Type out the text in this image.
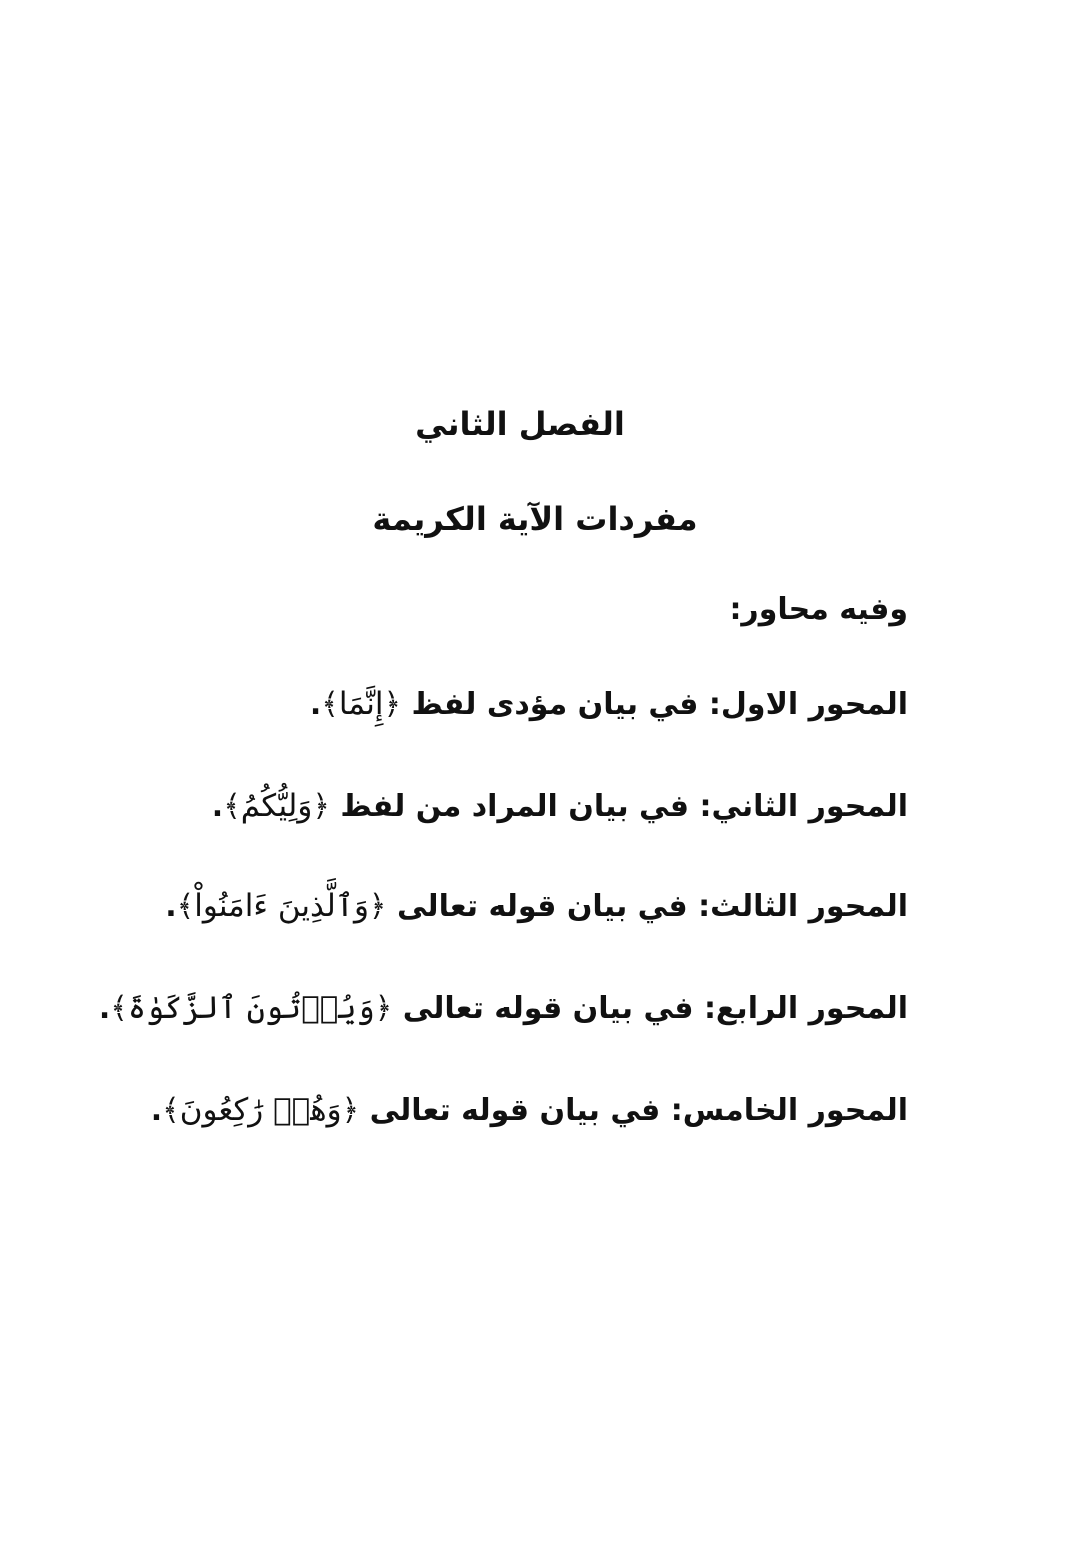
الفصل الثاني
مفردات الآية الكريمة
وفيه محاور:
المحور الاول: في بيان مؤدى لفظ ﴿إِنَّمَا﴾.
المحور الثاني: في بيان المراد من لفظ ﴿وَلِيُّكُمُ﴾.
المحور الثالث: في بيان قوله تعالى ﴿وَٱلَّذِينَ ءَامَنُواْ﴾.
المحور الرابع: في بيان قوله تعالى ﴿وَيُؤۡتُونَ ٱلزَّكَوٰةَ﴾.
المحور الخامس: في بيان قوله تعالى ﴿وَهُمۡ رَٰكِعُونَ﴾.
